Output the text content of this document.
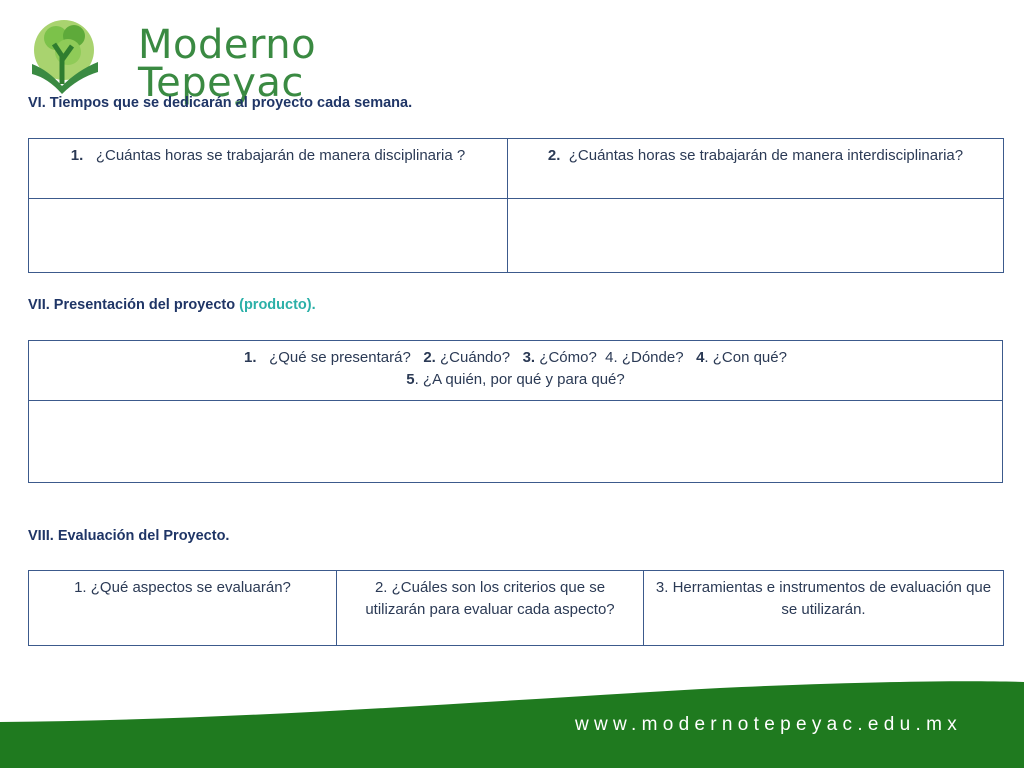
Moderno
Tepeyac
VI. Tiempos que se dedicarán al proyecto cada semana.
1. ¿Cuántas horas se trabajarán de manera disciplinaria ?	2. ¿Cuántas horas se trabajarán de manera interdisciplinaria?

VII. Presentación del proyecto (producto).
1. ¿Qué se presentará? 2. ¿Cuándo? 3. ¿Cómo? 4. ¿Dónde? 4. ¿Con qué?
5. ¿A quién, por qué y para qué?

VIII. Evaluación del Proyecto.
1. ¿Qué aspectos se evaluarán?	2. ¿Cuáles son los criterios que se utilizarán para evaluar cada aspecto?	3. Herramientas e instrumentos de evaluación que se utilizarán.
www.modernotepeyac.edu.mx
